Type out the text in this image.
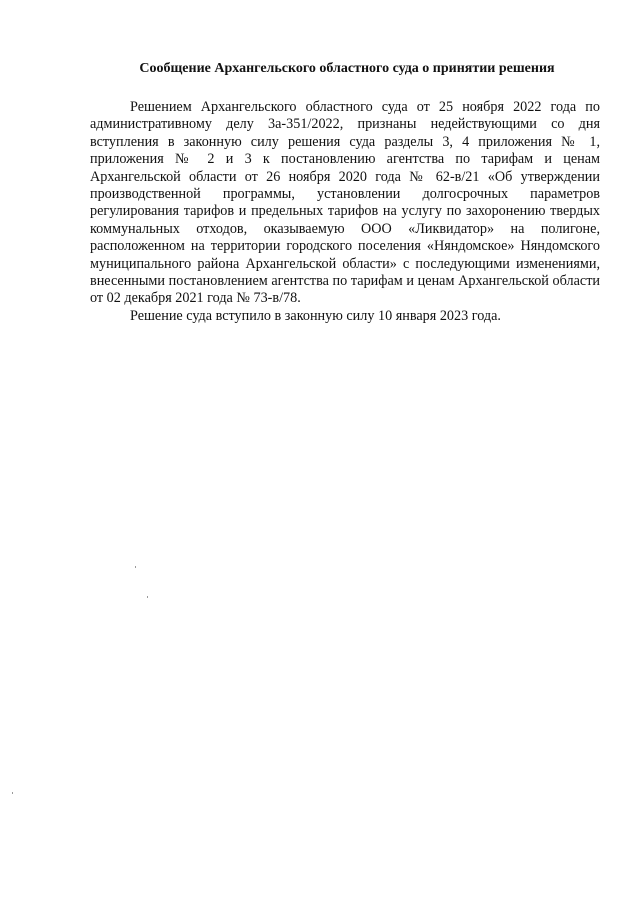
Сообщение Архангельского областного суда о принятии решения

Решением Архангельского областного суда от 25 ноября 2022 года по административному делу 3а-351/2022, признаны недействующими со дня вступления в законную силу решения суда разделы 3, 4 приложения № 1, приложения № 2 и 3 к постановлению агентства по тарифам и ценам Архангельской области от 26 ноября 2020 года № 62-в/21 «Об утверждении производственной программы, установлении долгосрочных параметров регулирования тарифов и предельных тарифов на услугу по захоронению твердых коммунальных отходов, оказываемую ООО «Ликвидатор» на полигоне, расположенном на территории городского поселения «Няндомское» Няндомского муниципального района Архангельской области» с последующими изменениями, внесенными постановлением агентства по тарифам и ценам Архангельской области от 02 декабря 2021 года № 73-в/78.

Решение суда вступило в законную силу 10 января 2023 года.
